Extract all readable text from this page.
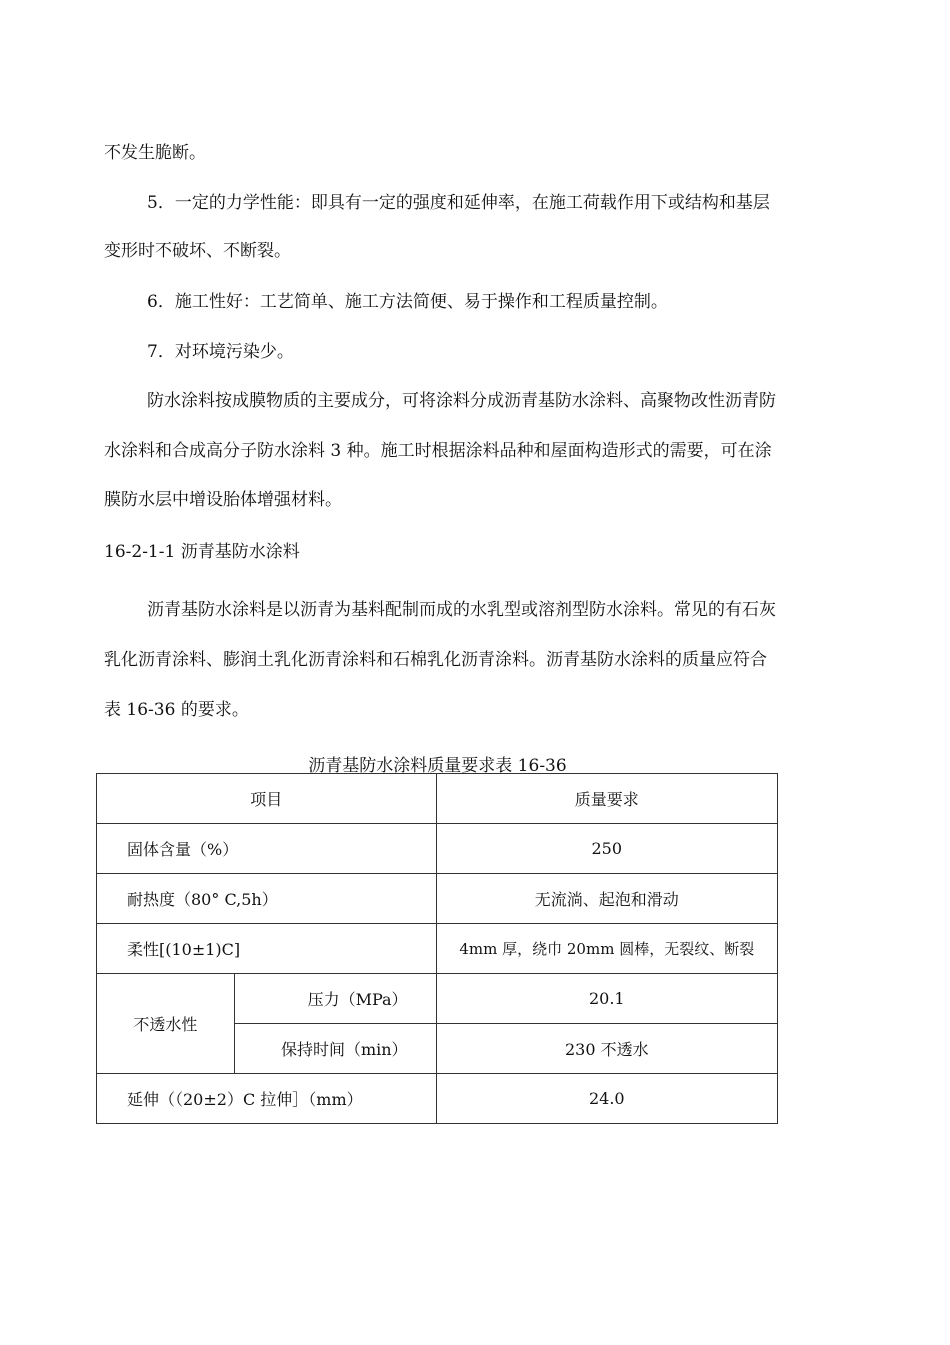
不发生脆断。
5．一定的力学性能：即具有一定的强度和延伸率，在施工荷载作用下或结构和基层
变形时不破坏、不断裂。
6．施工性好：工艺简单、施工方法简便、易于操作和工程质量控制。
7．对环境污染少。
防水涂料按成膜物质的主要成分，可将涂料分成沥青基防水涂料、高聚物改性沥青防
水涂料和合成高分子防水涂料 3 种。施工时根据涂料品种和屋面构造形式的需要，可在涂
膜防水层中增设胎体增强材料。
16-2-1-1 沥青基防水涂料
沥青基防水涂料是以沥青为基料配制而成的水乳型或溶剂型防水涂料。常见的有石灰
乳化沥青涂料、膨润土乳化沥青涂料和石棉乳化沥青涂料。沥青基防水涂料的质量应符合
表 16-36 的要求。
沥青基防水涂料质量要求表 16-36
项目		质量要求
固体含量（%）		250
耐热度（80° C,5h）		无流淌、起泡和滑动
柔性[(10±1)C]		4mm 厚，绕巾 20mm 圆棒，无裂纹、断裂
不透水性	压力（MPa）	20.1
	保持时间（min）	230 不透水
延伸（（20±2）C 拉伸］（mm）		24.0
